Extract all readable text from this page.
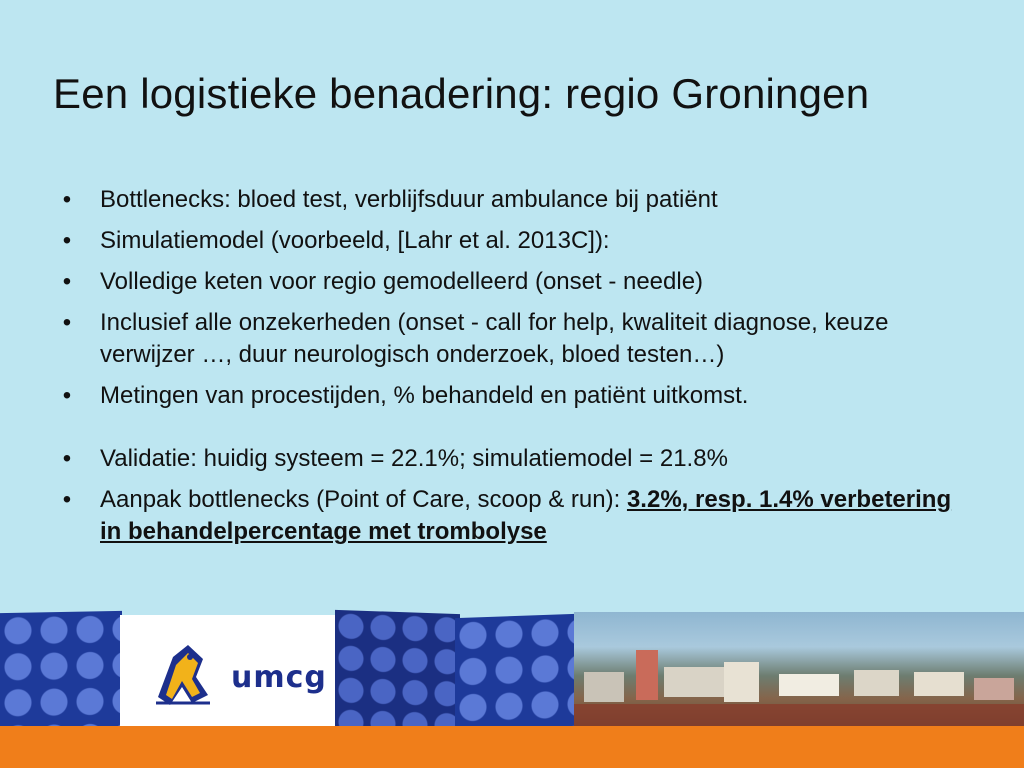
Een logistieke benadering: regio Groningen
• Bottlenecks: bloed test, verblijfsduur ambulance bij patiënt
• Simulatiemodel (voorbeeld, [Lahr et al. 2013C]):
• Volledige keten voor regio gemodelleerd (onset - needle)
• Inclusief alle onzekerheden (onset - call for help, kwaliteit diagnose, keuze verwijzer …, duur neurologisch onderzoek, bloed testen…)
• Metingen van procestijden, % behandeld en patiënt uitkomst.
• Validatie: huidig systeem = 22.1%; simulatiemodel = 21.8%
• Aanpak bottlenecks (Point of Care, scoop & run): 3.2%, resp. 1.4% verbetering in behandelpercentage met trombolyse
umcg
